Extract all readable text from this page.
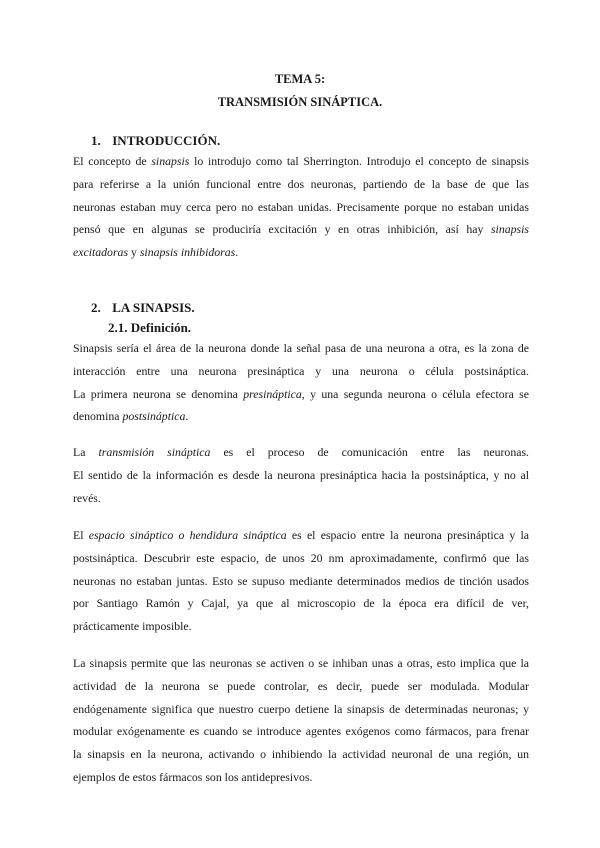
TEMA 5:
TRANSMISIÓN SINÁPTICA.
1. INTRODUCCIÓN.
El concepto de sinapsis lo introdujo como tal Sherrington. Introdujo el concepto de sinapsis
para referirse a la unión funcional entre dos neuronas, partiendo de la base de que las
neuronas estaban muy cerca pero no estaban unidas. Precisamente porque no estaban unidas
pensó que en algunas se produciría excitación y en otras inhibición, así hay sinapsis
excitadoras y sinapsis inhibidoras.
2. LA SINAPSIS.
2.1. Definición.
Sinapsis sería el área de la neurona donde la señal pasa de una neurona a otra, es la zona de
interacción entre una neurona presináptica y una neurona o célula postsináptica.
La primera neurona se denomina presináptica, y una segunda neurona o célula efectora se
denomina postsináptica.
La transmisión sináptica es el proceso de comunicación entre las neuronas.
El sentido de la información es desde la neurona presináptica hacia la postsináptica, y no al
revés.
El espacio sináptico o hendidura sináptica es el espacio entre la neurona presináptica y la
postsináptica. Descubrir este espacio, de unos 20 nm aproximadamente, confirmó que las
neuronas no estaban juntas. Esto se supuso mediante determinados medios de tinción usados
por Santiago Ramón y Cajal, ya que al microscopio de la época era difícil de ver,
prácticamente imposible.
La sinapsis permite que las neuronas se activen o se inhiban unas a otras, esto implica que la
actividad de la neurona se puede controlar, es decir, puede ser modulada. Modular
endógenamente significa que nuestro cuerpo detiene la sinapsis de determinadas neuronas; y
modular exógenamente es cuando se introduce agentes exógenos como fármacos, para frenar
la sinapsis en la neurona, activando o inhibiendo la actividad neuronal de una región, un
ejemplos de estos fármacos son los antidepresivos.
